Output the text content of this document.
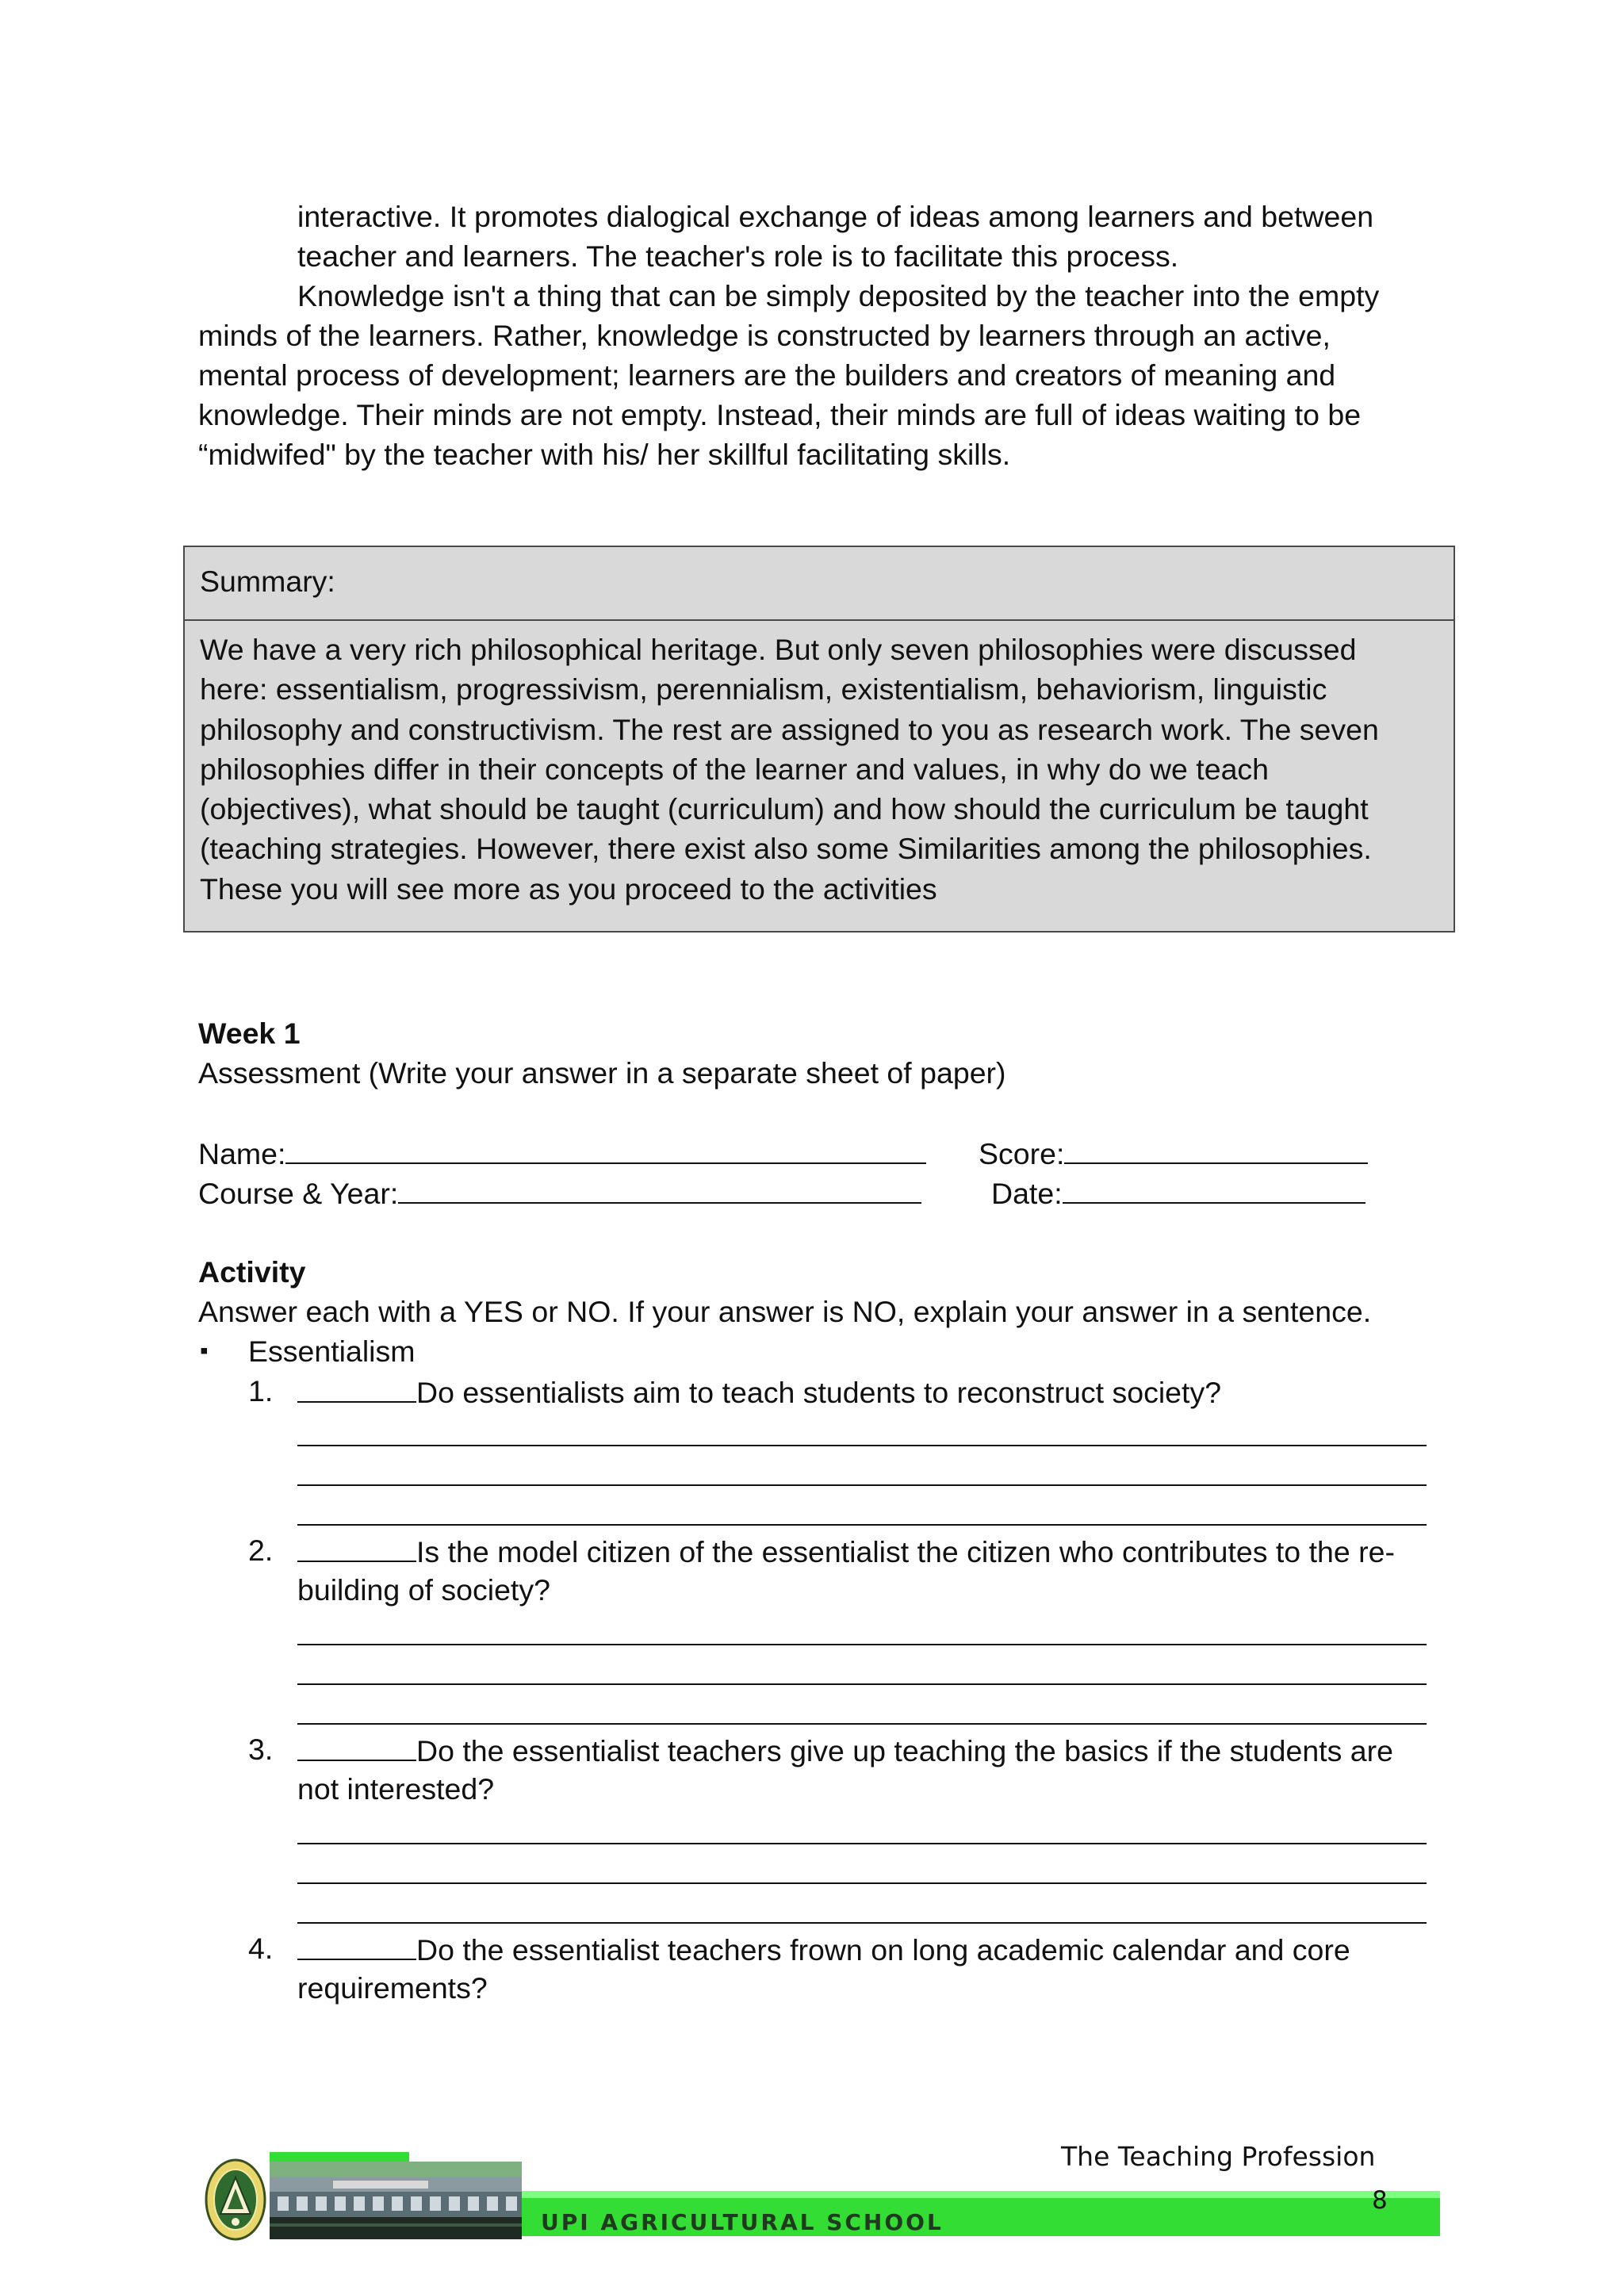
interactive. It promotes dialogical exchange of ideas among learners and between
teacher and learners. The teacher's role is to facilitate this process.
Knowledge isn't a thing that can be simply deposited by the teacher into the empty
minds of the learners. Rather, knowledge is constructed by learners through an active,
mental process of development; learners are the builders and creators of meaning and
knowledge. Their minds are not empty. Instead, their minds are full of ideas waiting to be
“midwifed" by the teacher with his/ her skillful facilitating skills.
Summary:
We have a very rich philosophical heritage. But only seven philosophies were discussed
here: essentialism, progressivism, perennialism, existentialism, behaviorism, linguistic
philosophy and constructivism. The rest are assigned to you as research work. The seven
philosophies differ in their concepts of the learner and values, in why do we teach
(objectives), what should be taught (curriculum) and how should the curriculum be taught
(teaching strategies. However, there exist also some Similarities among the philosophies.
These you will see more as you proceed to the activities
Week 1
Assessment (Write your answer in a separate sheet of paper)
Name:	Score:
Course & Year:	Date:
Activity
Answer each with a YES or NO. If your answer is NO, explain your answer in a sentence.
▪ Essentialism
1.	Do essentialists aim to teach students to reconstruct society?
2.	Is the model citizen of the essentialist the citizen who contributes to the re-
building of society?
3.	Do the essentialist teachers give up teaching the basics if the students are
not interested?
4.	Do the essentialist teachers frown on long academic calendar and core
requirements?
The Teaching Profession
8
UPI AGRICULTURAL SCHOOL
